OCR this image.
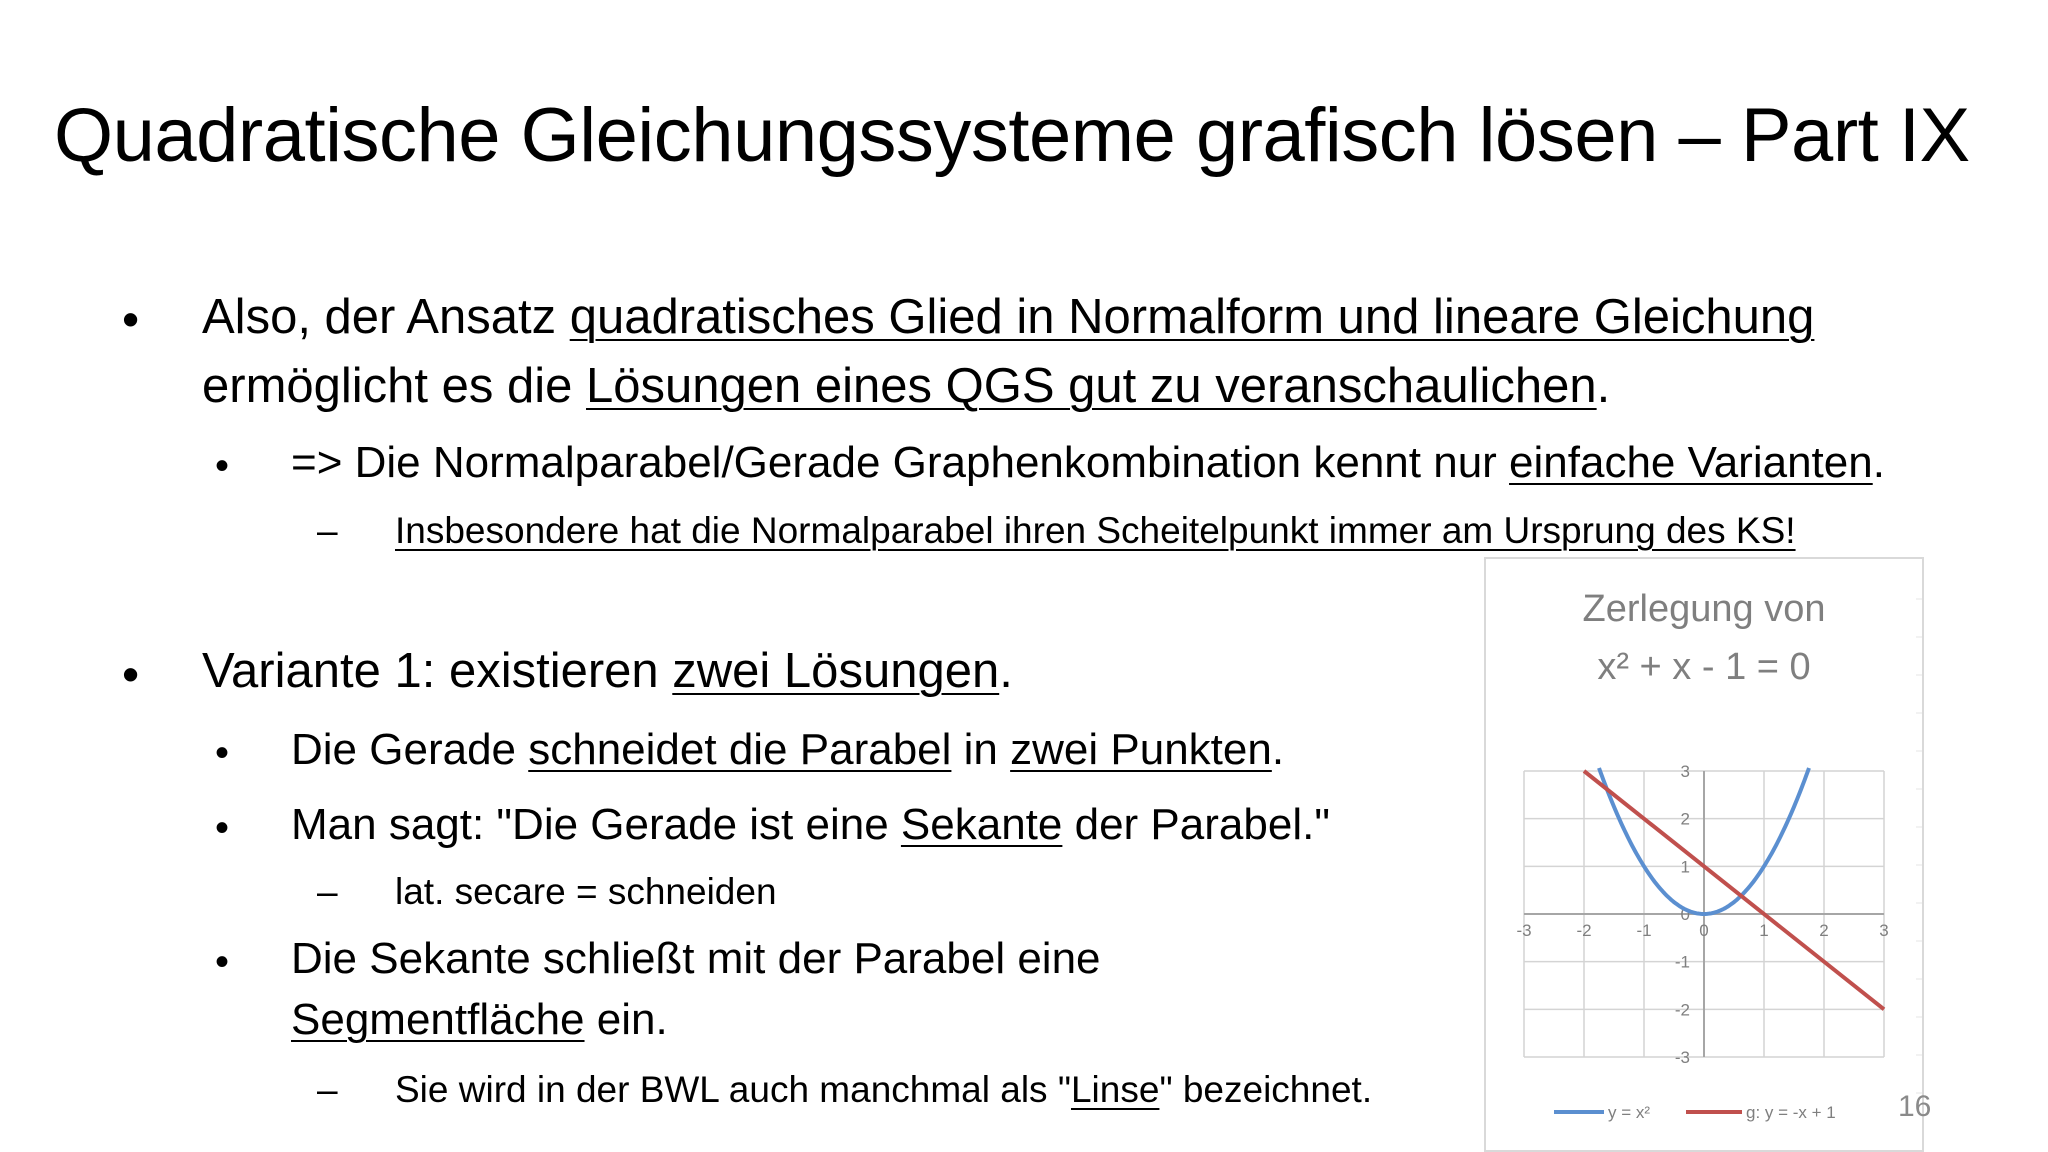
Quadratische Gleichungssysteme grafisch lösen – Part IX
• Also, der Ansatz quadratisches Glied in Normalform und lineare Gleichung
ermöglicht es die Lösungen eines QGS gut zu veranschaulichen.
• => Die Normalparabel/Gerade Graphenkombination kennt nur einfache Varianten.
– Insbesondere hat die Normalparabel ihren Scheitelpunkt immer am Ursprung des KS!
• Variante 1: existieren zwei Lösungen.
• Die Gerade schneidet die Parabel in zwei Punkten.
• Man sagt: "Die Gerade ist eine Sekante der Parabel."
– lat. secare = schneiden
• Die Sekante schließt mit der Parabel eine
Segmentfläche ein.
– Sie wird in der BWL auch manchmal als "Linse" bezeichnet.
Zerlegung von
x² + x - 1 = 0
-3	-2	-1	0	1	2	3
3
2
1
0
-1
-2
-3
y = x²	g: y = -x + 1 16
